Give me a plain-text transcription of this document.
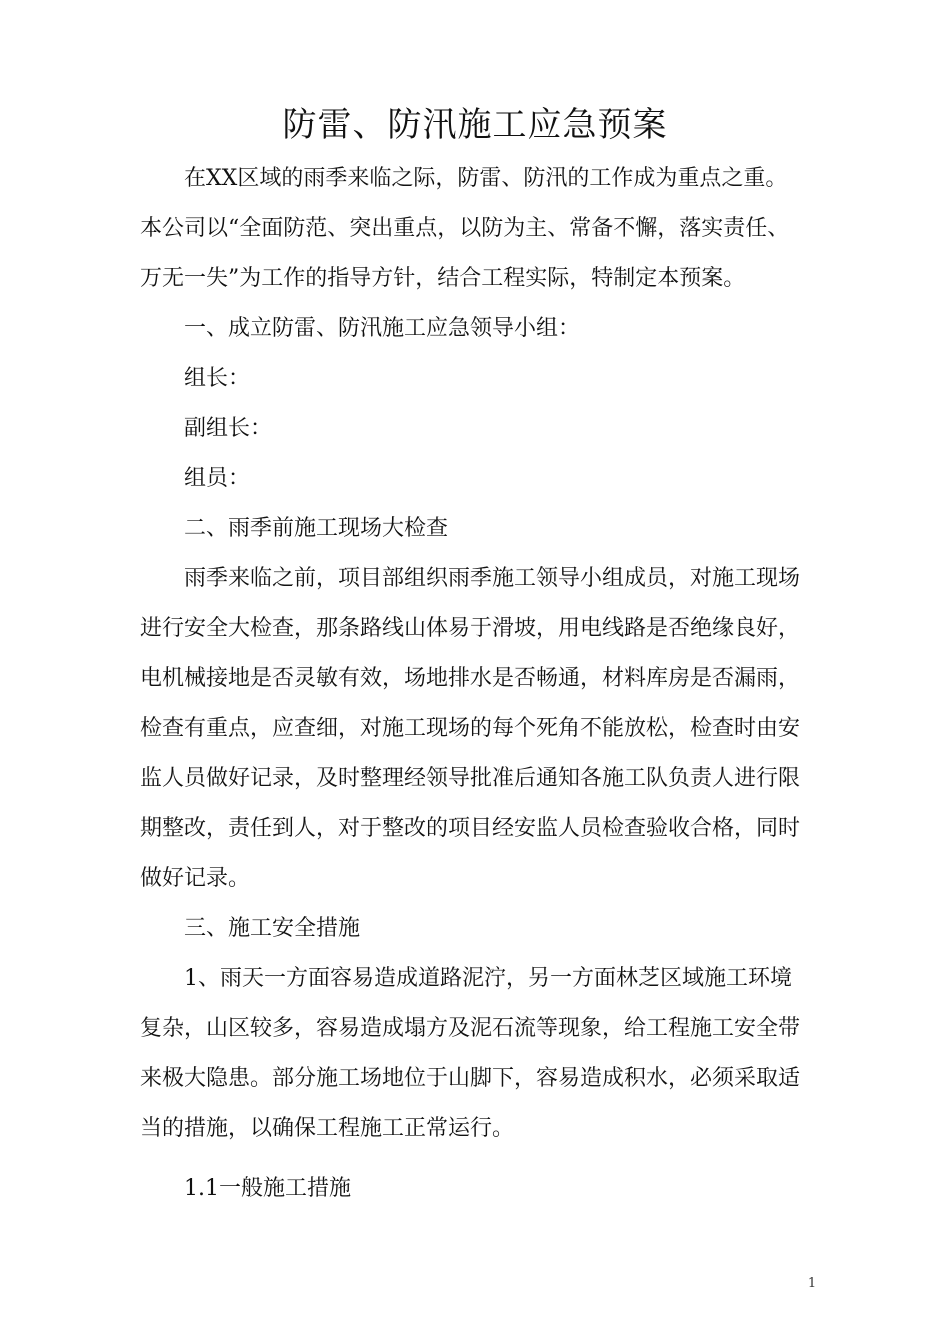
防雷、防汛施工应急预案
在XX区域的雨季来临之际，防雷、防汛的工作成为重点之重。
本公司以“全面防范、突出重点，以防为主、常备不懈，落实责任、
万无一失”为工作的指导方针，结合工程实际，特制定本预案。
一、成立防雷、防汛施工应急领导小组：
组长：
副组长：
组员：
二、雨季前施工现场大检查
雨季来临之前，项目部组织雨季施工领导小组成员，对施工现场
进行安全大检查，那条路线山体易于滑坡，用电线路是否绝缘良好，
电机械接地是否灵敏有效，场地排水是否畅通，材料库房是否漏雨，
检查有重点，应查细，对施工现场的每个死角不能放松，检查时由安
监人员做好记录，及时整理经领导批准后通知各施工队负责人进行限
期整改，责任到人，对于整改的项目经安监人员检查验收合格，同时
做好记录。
三、施工安全措施
1、雨天一方面容易造成道路泥泞，另一方面林芝区域施工环境
复杂，山区较多，容易造成塌方及泥石流等现象，给工程施工安全带
来极大隐患。部分施工场地位于山脚下，容易造成积水，必须采取适
当的措施，以确保工程施工正常运行。
1.1一般施工措施
1
